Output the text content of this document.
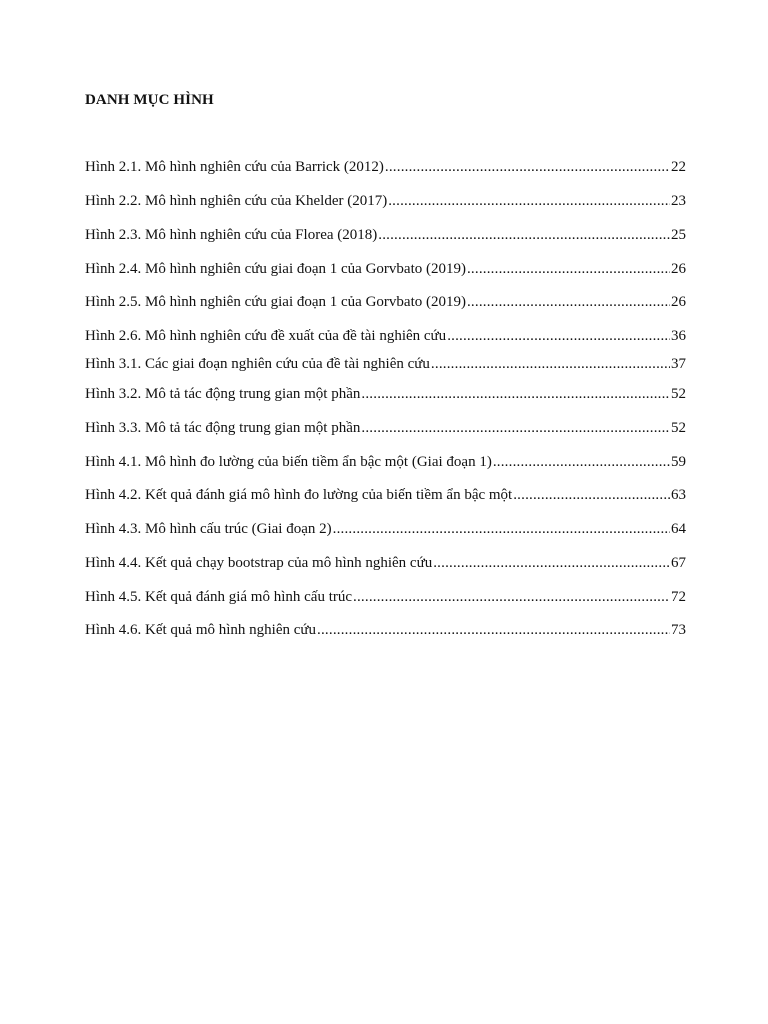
DANH MỤC HÌNH
Hình 2.1. Mô hình nghiên cứu của Barrick (2012) .....	22
Hình 2.2. Mô hình nghiên cứu của Khelder (2017) .....	23
Hình 2.3. Mô hình nghiên cứu của Florea (2018) .....	25
Hình 2.4. Mô hình nghiên cứu giai đoạn 1 của Gorvbato (2019) .....	26
Hình 2.5. Mô hình nghiên cứu giai đoạn 1 của Gorvbato (2019) .....	26
Hình 2.6. Mô hình nghiên cứu đề xuất của đề tài nghiên cứu .....	36
Hình 3.1. Các giai đoạn nghiên cứu của đề tài nghiên cứu .....	37
Hình 3.2. Mô tả tác động trung gian một phần .....	52
Hình 3.3. Mô tả tác động trung gian một phần .....	52
Hình 4.1. Mô hình đo lường của biến tiềm ẩn bậc một (Giai đoạn 1) .....	59
Hình 4.2. Kết quả đánh giá mô hình đo lường của biến tiềm ẩn bậc một .....	63
Hình 4.3. Mô hình cấu trúc (Giai đoạn 2) .....	64
Hình 4.4. Kết quả chạy bootstrap của mô hình nghiên cứu .....	67
Hình 4.5. Kết quả đánh giá mô hình cấu trúc .....	72
Hình 4.6. Kết quả mô hình nghiên cứu .....	73
